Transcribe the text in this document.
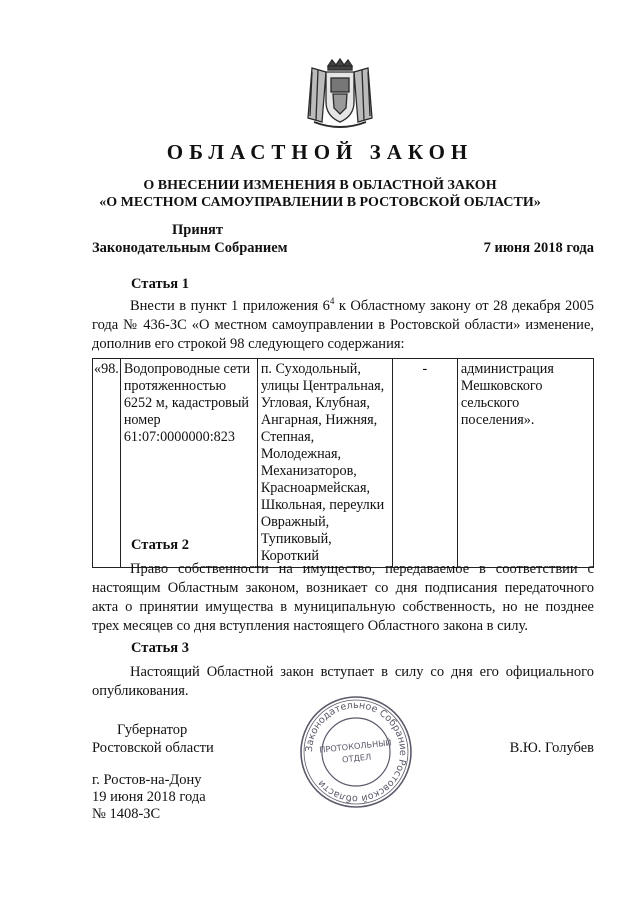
ОБЛАСТНОЙ ЗАКОН
О ВНЕСЕНИИ ИЗМЕНЕНИЯ В ОБЛАСТНОЙ ЗАКОН
«О МЕСТНОМ САМОУПРАВЛЕНИИ В РОСТОВСКОЙ ОБЛАСТИ»
Принят
Законодательным Собранием	7 июня 2018 года
Статья 1
Внести в пункт 1 приложения $6^4$ к Областному закону от 28 декабря 2005 года № 436-ЗС «О местном самоуправлении в Ростовской области» изменение, дополнив его строкой 98 следующего содержания:
«98.	Водопроводные сети протяженностью 6252 м, кадастровый номер 61:07:0000000:823	п. Суходольный, улицы Центральная, Угловая, Клубная, Ангарная, Нижняя, Степная, Молодежная, Механизаторов, Красноармейская, Школьная, переулки Овражный, Тупиковый, Короткий	-	администрация Мешковского сельского поселения».
Статья 2
Право собственности на имущество, передаваемое в соответствии с настоящим Областным законом, возникает со дня подписания передаточного акта о принятии имущества в муниципальную собственность, но не позднее трех месяцев со дня вступления настоящего Областного закона в силу.
Статья 3
Настоящий Областной закон вступает в силу со дня его официального опубликования.
Губернатор
Ростовской области	В.Ю. Голубев
г. Ростов-на-Дону
19 июня 2018 года
№ 1408-ЗС
Законодательное Собрание Ростовской области
ПРОТОКОЛЬНЫЙ
ОТДЕЛ
